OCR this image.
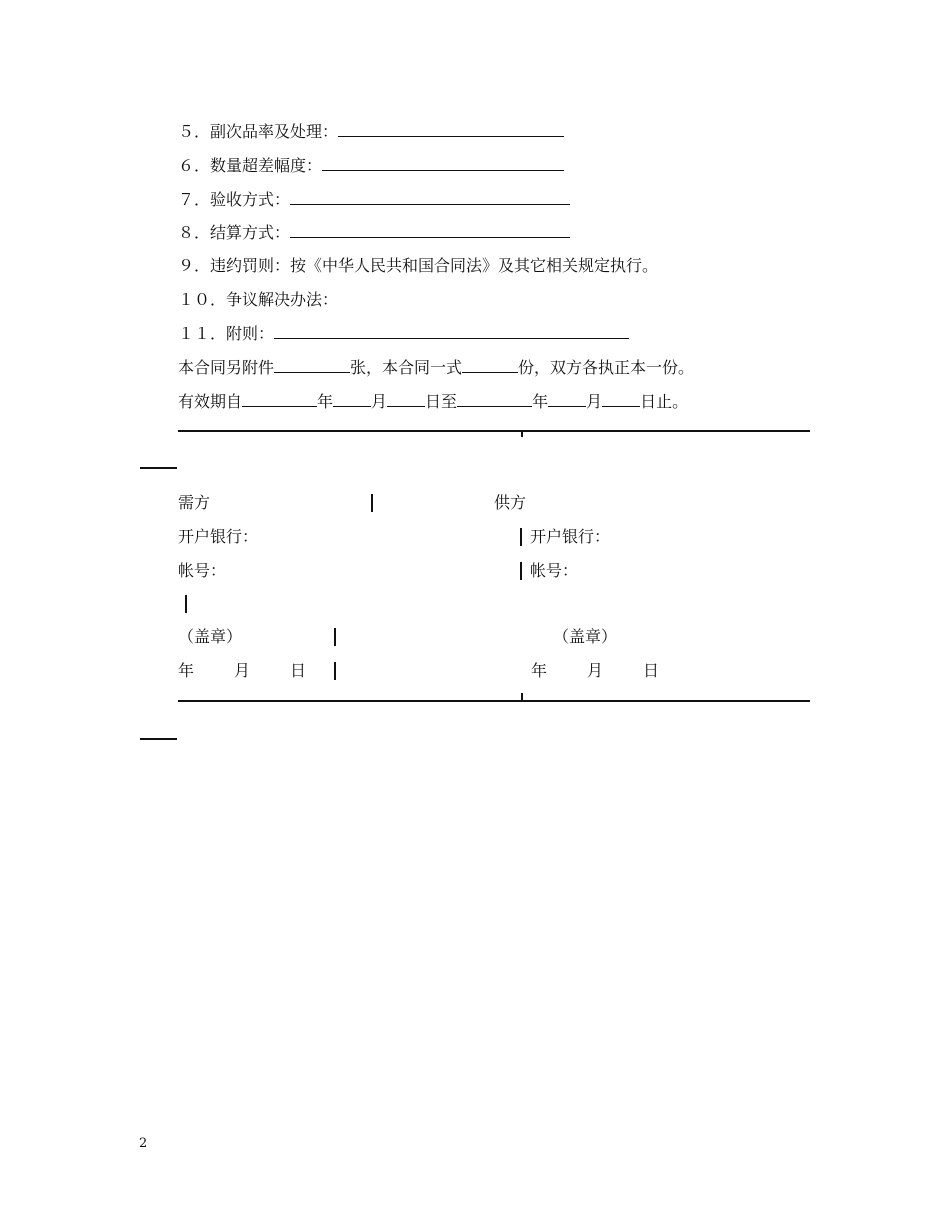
５．副次品率及处理：
６．数量超差幅度：
７．验收方式：
８．结算方式：
９．违约罚则：按《中华人民共和国合同法》及其它相关规定执行。
１０．争议解决办法：
１１．附则：
本合同另附件	张，本合同一式	份，双方各执正本一份。
有效期自	年 月 日至	年 月 日止。
需方	供方
开户银行：	开户银行：
帐号：	帐号：
（盖章）	（盖章）
年	月	日	年	月	日
2
